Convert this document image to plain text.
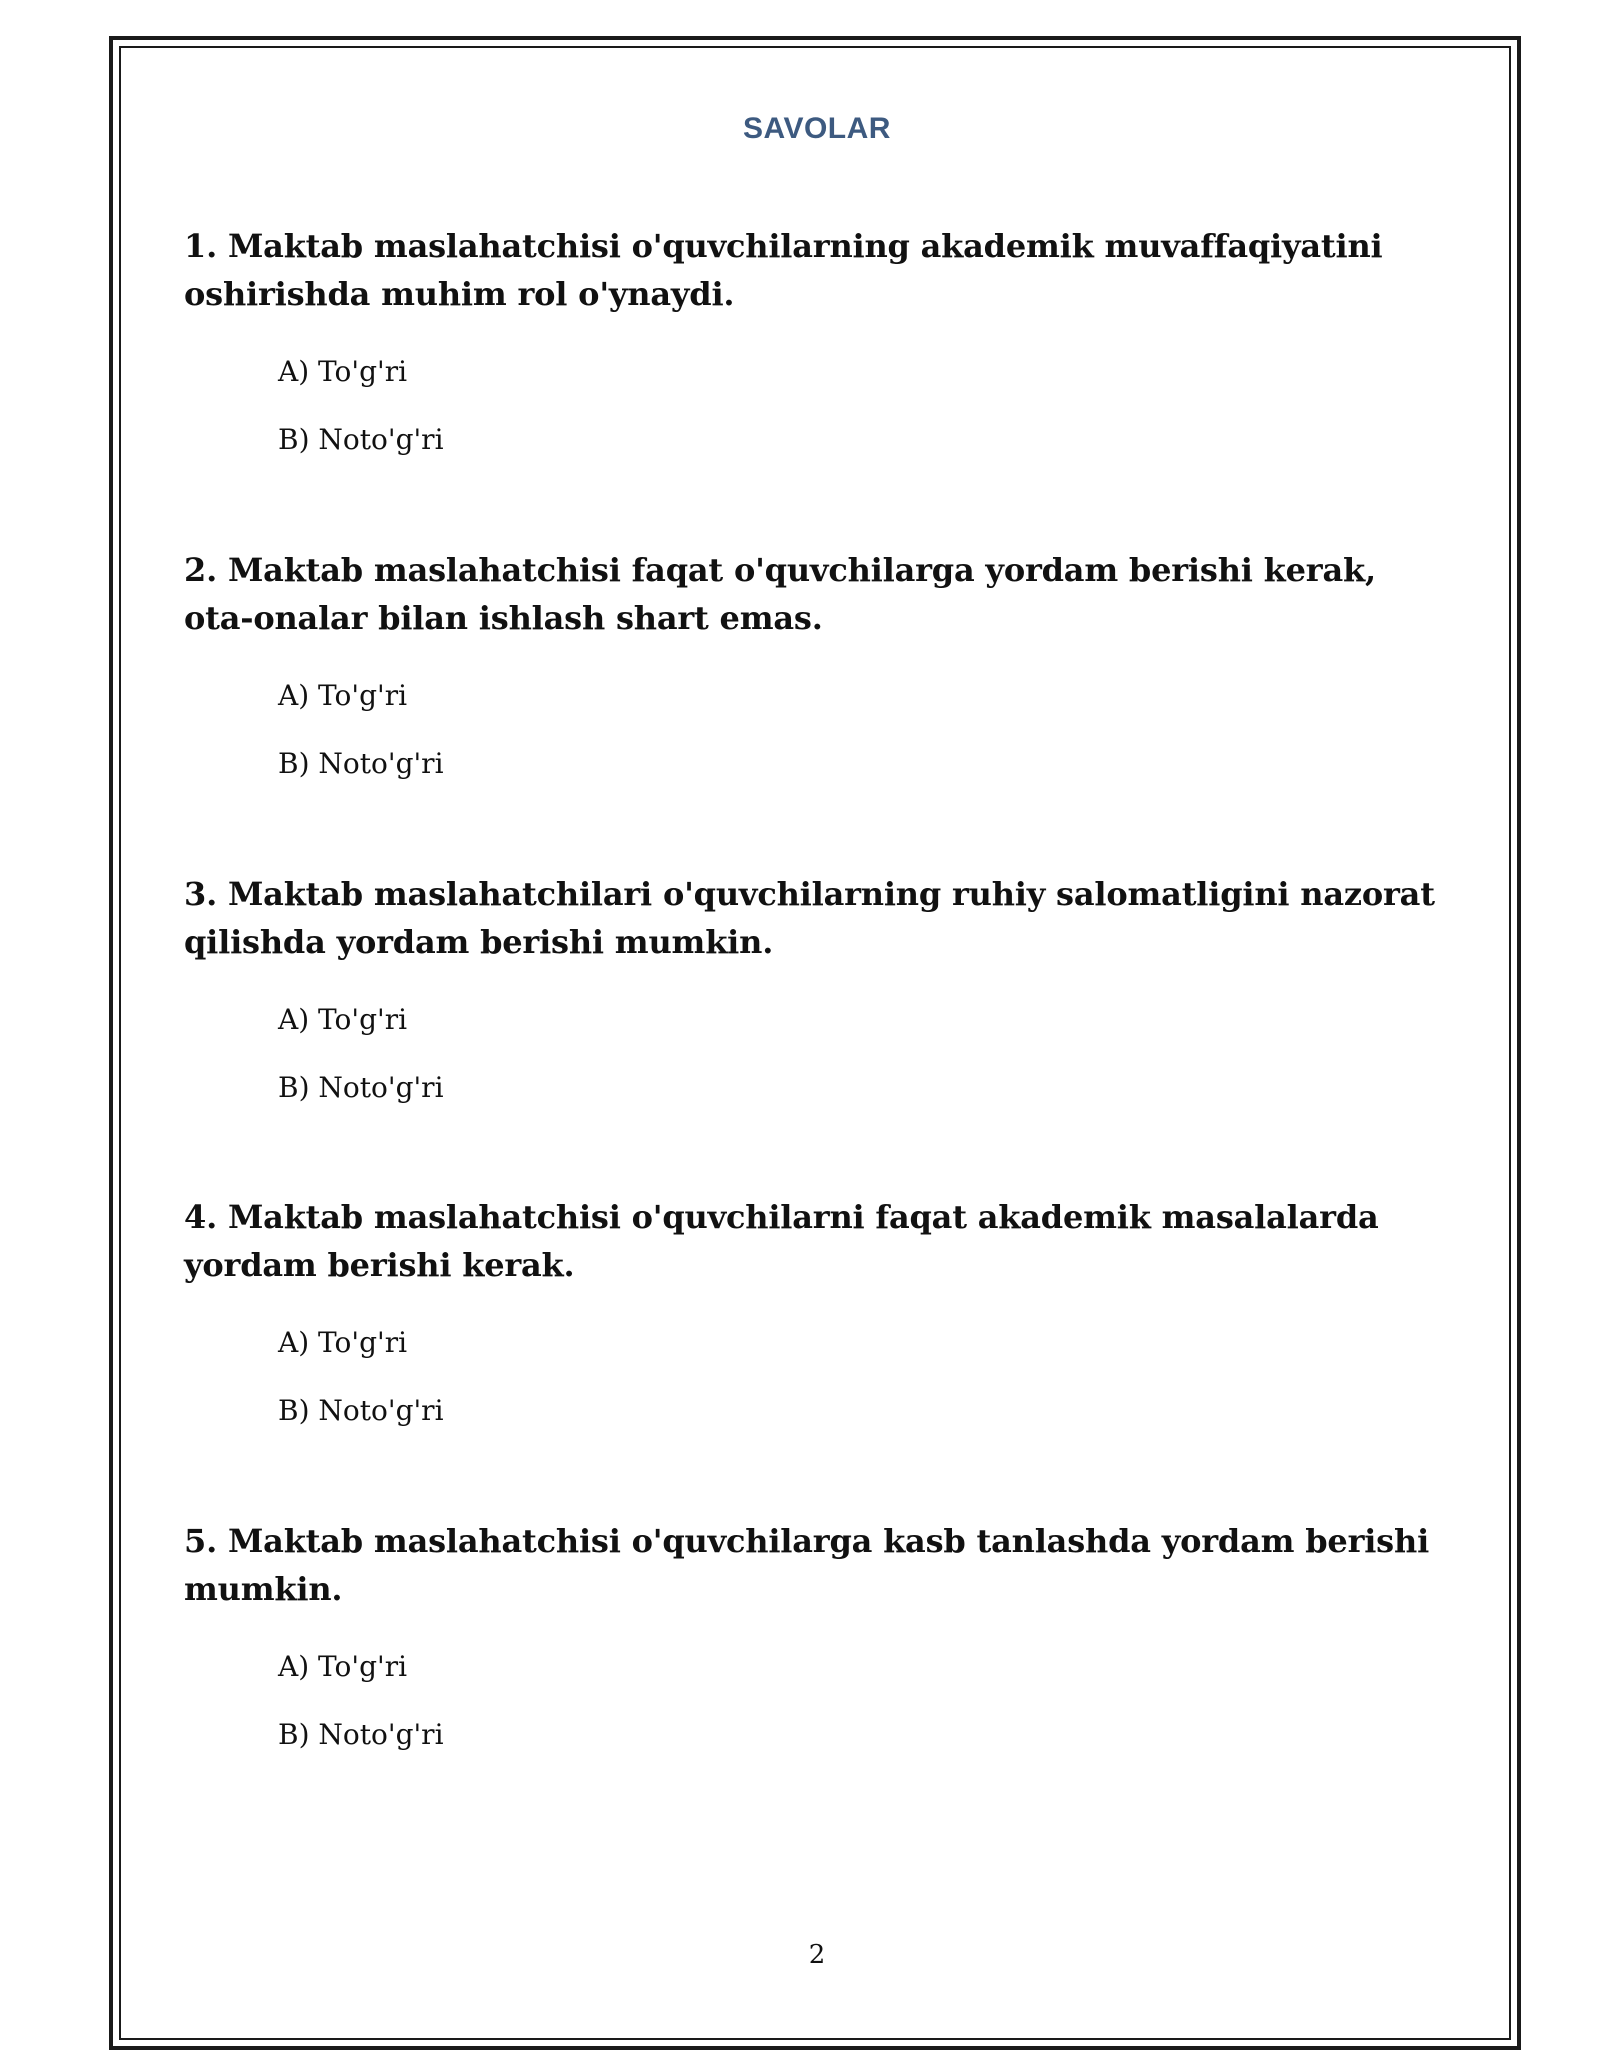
SAVOLAR

1. Maktab maslahatchisi o'quvchilarning akademik muvaffaqiyatini oshirishda muhim rol o'ynaydi.

A) To'g'ri
B) Noto'g'ri

2. Maktab maslahatchisi faqat o'quvchilarga yordam berishi kerak, ota-onalar bilan ishlash shart emas.

A) To'g'ri
B) Noto'g'ri

3. Maktab maslahatchilari o'quvchilarning ruhiy salomatligini nazorat qilishda yordam berishi mumkin.

A) To'g'ri
B) Noto'g'ri

4. Maktab maslahatchisi o'quvchilarni faqat akademik masalalarda yordam berishi kerak.

A) To'g'ri
B) Noto'g'ri

5. Maktab maslahatchisi o'quvchilarga kasb tanlashda yordam berishi mumkin.

A) To'g'ri
B) Noto'g'ri
2
